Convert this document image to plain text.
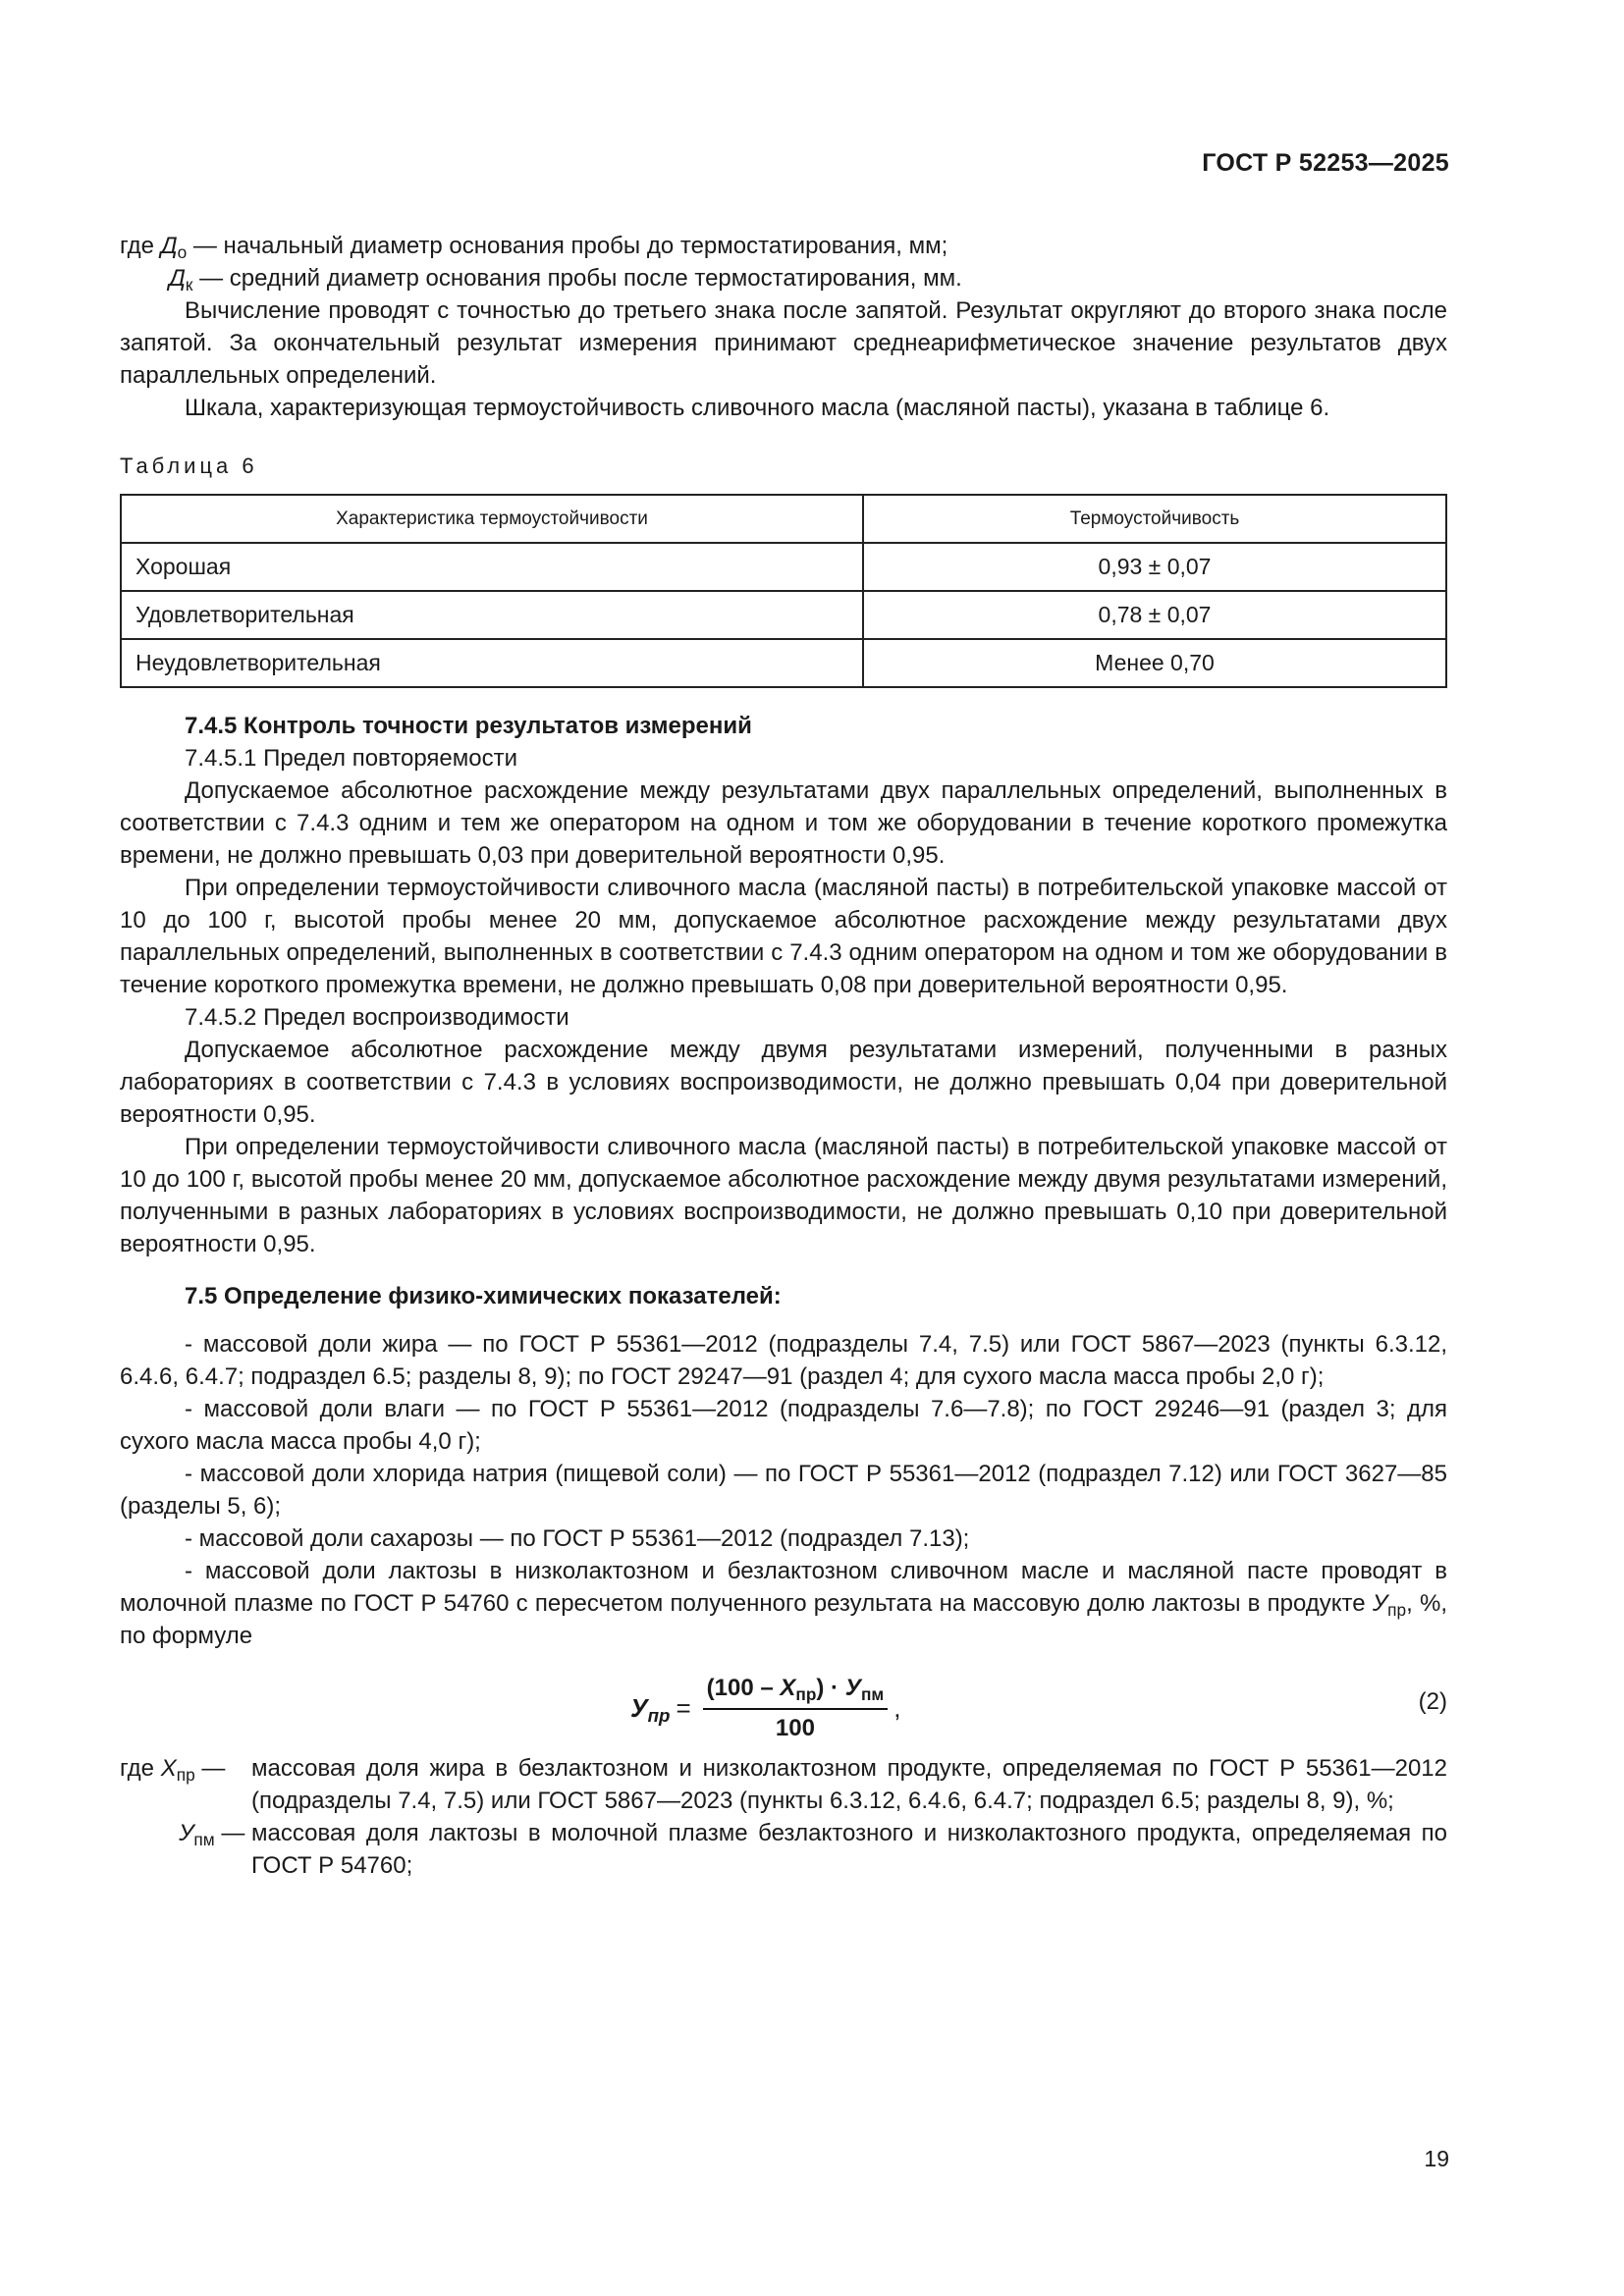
ГОСТ Р 52253—2025
где $Д_о$ — начальный диаметр основания пробы до термостатирования, мм;
$Д_к$ — средний диаметр основания пробы после термостатирования, мм.

Вычисление проводят с точностью до третьего знака после запятой. Результат округляют до второго знака после запятой. За окончательный результат измерения принимают среднеарифметическое значение результатов двух параллельных определений.

Шкала, характеризующая термоустойчивость сливочного масла (масляной пасты), указана в таблице 6.

Таблица 6
Характеристика термоустойчивости	Термоустойчивость
Хорошая	0,93 ± 0,07
Удовлетворительная	0,78 ± 0,07
Неудовлетворительная	Менее 0,70
7.4.5 Контроль точности результатов измерений
7.4.5.1 Предел повторяемости

Допускаемое абсолютное расхождение между результатами двух параллельных определений, выполненных в соответствии с 7.4.3 одним и тем же оператором на одном и том же оборудовании в течение короткого промежутка времени, не должно превышать 0,03 при доверительной вероятности 0,95.

При определении термоустойчивости сливочного масла (масляной пасты) в потребительской упаковке массой от 10 до 100 г, высотой пробы менее 20 мм, допускаемое абсолютное расхождение между результатами двух параллельных определений, выполненных в соответствии с 7.4.3 одним оператором на одном и том же оборудовании в течение короткого промежутка времени, не должно превышать 0,08 при доверительной вероятности 0,95.

7.4.5.2 Предел воспроизводимости

Допускаемое абсолютное расхождение между двумя результатами измерений, полученными в разных лабораториях в соответствии с 7.4.3 в условиях воспроизводимости, не должно превышать 0,04 при доверительной вероятности 0,95.

При определении термоустойчивости сливочного масла (масляной пасты) в потребительской упаковке массой от 10 до 100 г, высотой пробы менее 20 мм, допускаемое абсолютное расхождение между двумя результатами измерений, полученными в разных лабораториях в условиях воспроизводимости, не должно превышать 0,10 при доверительной вероятности 0,95.

7.5 Определение физико-химических показателей:

- массовой доли жира — по ГОСТ Р 55361—2012 (подразделы 7.4, 7.5) или ГОСТ 5867—2023 (пункты 6.3.12, 6.4.6, 6.4.7; подраздел 6.5; разделы 8, 9); по ГОСТ 29247—91 (раздел 4; для сухого масла масса пробы 2,0 г);

- массовой доли влаги — по ГОСТ Р 55361—2012 (подразделы 7.6—7.8); по ГОСТ 29246—91 (раздел 3; для сухого масла масса пробы 4,0 г);

- массовой доли хлорида натрия (пищевой соли) — по ГОСТ Р 55361—2012 (подраздел 7.12) или ГОСТ 3627—85 (разделы 5, 6);

- массовой доли сахарозы — по ГОСТ Р 55361—2012 (подраздел 7.13);

- массовой доли лактозы в низколактозном и безлактозном сливочном масле и масляной пасте проводят в молочной плазме по ГОСТ Р 54760 с пересчетом полученного результата на массовую долю лактозы в продукте $У_{пр}$, %, по формуле

$У_{пр} = \frac{(100 - X_{пр}) \cdot У_{пм}}{100}$ ,	(2)
где $X_{пр}$ —	массовая доля жира в безлактозном и низколактозном продукте, определяемая по ГОСТ Р 55361—2012 (подразделы 7.4, 7.5) или ГОСТ 5867—2023 (пункты 6.3.12, 6.4.6, 6.4.7; подраздел 6.5; разделы 8, 9), %;
$У_{пм}$ — массовая доля лактозы в молочной плазме безлактозного и низколактозного продукта, определяемая по ГОСТ Р 54760;
19
